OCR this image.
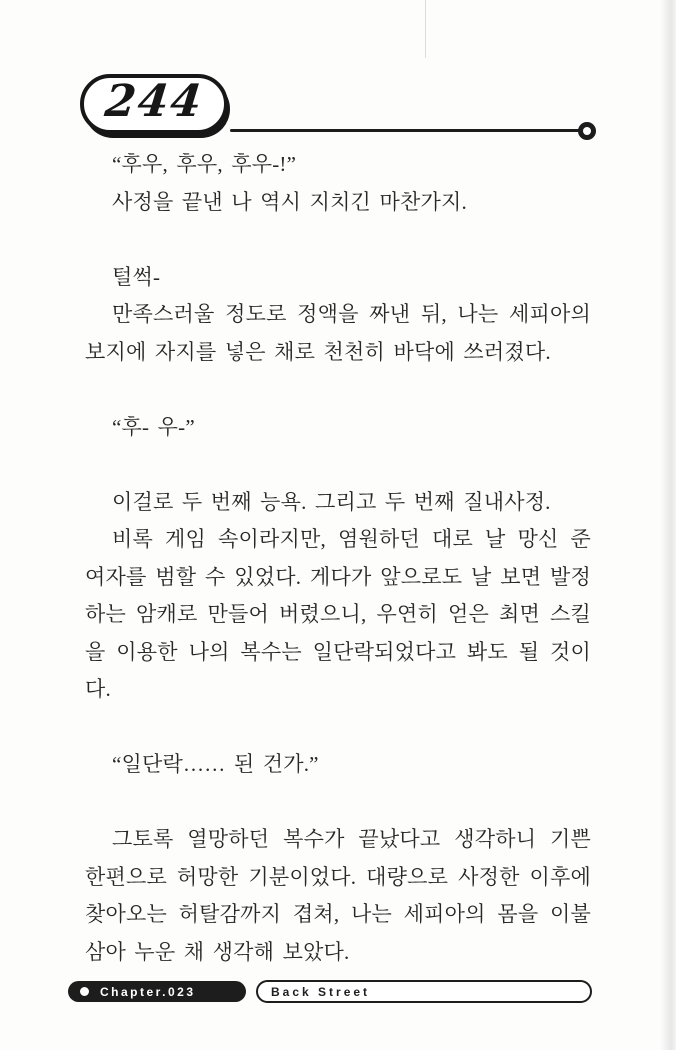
244

“후우, 후우, 후우-!”

사정을 끝낸 나 역시 지치긴 마찬가지.

털썩-

만족스러울 정도로 정액을 짜낸 뒤, 나는 세피아의 보지에 자지를 넣은 채로 천천히 바닥에 쓰러졌다.

“후- 우-”

이걸로 두 번째 능욕. 그리고 두 번째 질내사정.

비록 게임 속이라지만, 염원하던 대로 날 망신 준 여자를 범할 수 있었다. 게다가 앞으로도 날 보면 발정하는 암캐로 만들어 버렸으니, 우연히 얻은 최면 스킬을 이용한 나의 복수는 일단락되었다고 봐도 될 것이다.

“일단락…… 된 건가.”

그토록 열망하던 복수가 끝났다고 생각하니 기쁜 한편으로 허망한 기분이었다. 대량으로 사정한 이후에 찾아오는 허탈감까지 겹쳐, 나는 세피아의 몸을 이불삼아 누운 채 생각해 보았다.

Chapter.023	Back Street
